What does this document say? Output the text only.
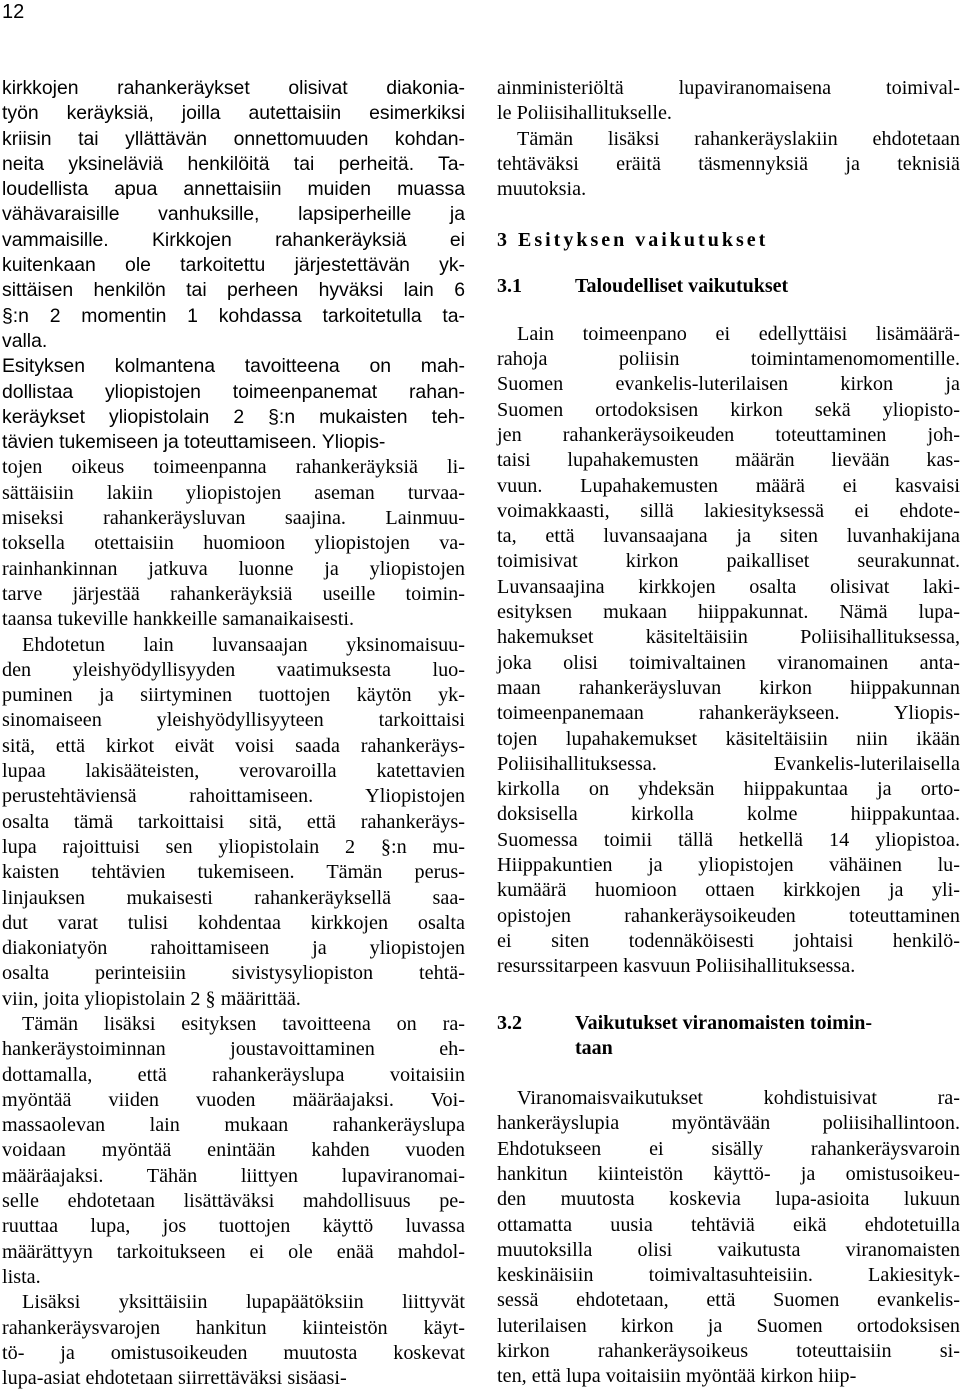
12
kirkkojen rahankeräykset olisivat diakonia-
työn keräyksiä, joilla autettaisiin esimerkiksi
kriisin tai yllättävän onnettomuuden kohdan-
neita yksineläviä henkilöitä tai perheitä. Ta-
loudellista apua annettaisiin muiden muassa
vähävaraisille vanhuksille, lapsiperheille ja
vammaisille. Kirkkojen rahankeräyksiä ei
kuitenkaan ole tarkoitettu järjestettävän yk-
sittäisen henkilön tai perheen hyväksi lain 6
§:n 2 momentin 1 kohdassa tarkoitetulla ta-
valla.
Esityksen kolmantena tavoitteena on mah-
dollistaa yliopistojen toimeenpanemat rahan-
keräykset yliopistolain 2 §:n mukaisten teh-
tävien tukemiseen ja toteuttamiseen. Yliopis-
tojen oikeus toimeenpanna rahankeräyksiä li-
sättäisiin lakiin yliopistojen aseman turvaa-
miseksi rahankeräysluvan saajina. Lainmuu-
toksella otettaisiin huomioon yliopistojen va-
rainhankinnan jatkuva luonne ja yliopistojen
tarve järjestää rahankeräyksiä useille toimin-
taansa tukeville hankkeille samanaikaisesti.
Ehdotetun lain luvansaajan yksinomaisuu-
den yleishyödyllisyyden vaatimuksesta luo-
puminen ja siirtyminen tuottojen käytön yk-
sinomaiseen yleishyödyllisyyteen tarkoittaisi
sitä, että kirkot eivät voisi saada rahankeräys-
lupaa lakisääteisten, verovaroilla katettavien
perustehtäviensä rahoittamiseen. Yliopistojen
osalta tämä tarkoittaisi sitä, että rahankeräys-
lupa rajoittuisi sen yliopistolain 2 §:n mu-
kaisten tehtävien tukemiseen. Tämän perus-
linjauksen mukaisesti rahankeräyksellä saa-
dut varat tulisi kohdentaa kirkkojen osalta
diakoniatyön rahoittamiseen ja yliopistojen
osalta perinteisiin sivistysyliopiston tehtä-
viin, joita yliopistolain 2 § määrittää.
Tämän lisäksi esityksen tavoitteena on ra-
hankeräystoiminnan joustavoittaminen eh-
dottamalla, että rahankeräyslupa voitaisiin
myöntää viiden vuoden määräajaksi. Voi-
massaolevan lain mukaan rahankeräyslupa
voidaan myöntää enintään kahden vuoden
määräajaksi. Tähän liittyen lupaviranomai-
selle ehdotetaan lisättäväksi mahdollisuus pe-
ruuttaa lupa, jos tuottojen käyttö luvassa
määrättyyn tarkoitukseen ei ole enää mahdol-
lista.
Lisäksi yksittäisiin lupapäätöksiin liittyvät
rahankeräysvarojen hankitun kiinteistön käyt-
tö- ja omistusoikeuden muutosta koskevat
lupa-asiat ehdotetaan siirrettäväksi sisäasi-
ainministeriöltä lupaviranomaisena toimival-
le Poliisihallitukselle.
Tämän lisäksi rahankeräyslakiin ehdotetaan
tehtäväksi eräitä täsmennyksiä ja teknisiä
muutoksia.
3 Esityksen vaikutukset
3.1	Taloudelliset vaikutukset
Lain toimeenpano ei edellyttäisi lisämäärä-
rahoja poliisin toimintamenomomentille.
Suomen evankelis-luterilaisen kirkon ja
Suomen ortodoksisen kirkon sekä yliopisto-
jen rahankeräysoikeuden toteuttaminen joh-
taisi lupahakemusten määrän lievään kas-
vuun. Lupahakemusten määrä ei kasvaisi
voimakkaasti, sillä lakiesityksessä ei ehdote-
ta, että luvansaajana ja siten luvanhakijana
toimisivat kirkon paikalliset seurakunnat.
Luvansaajina kirkkojen osalta olisivat laki-
esityksen mukaan hiippakunnat. Nämä lupa-
hakemukset käsiteltäisiin Poliisihallituksessa,
joka olisi toimivaltainen viranomainen anta-
maan rahankeräysluvan kirkon hiippakunnan
toimeenpanemaan rahankeräykseen. Yliopis-
tojen lupahakemukset käsiteltäisiin niin ikään
Poliisihallituksessa. Evankelis-luterilaisella
kirkolla on yhdeksän hiippakuntaa ja orto-
doksisella kirkolla kolme hiippakuntaa.
Suomessa toimii tällä hetkellä 14 yliopistoa.
Hiippakuntien ja yliopistojen vähäinen lu-
kumäärä huomioon ottaen kirkkojen ja yli-
opistojen rahankeräysoikeuden toteuttaminen
ei siten todennäköisesti johtaisi henkilö-
resurssitarpeen kasvuun Poliisihallituksessa.
3.2	Vaikutukset viranomaisten toimin-
taan
Viranomaisvaikutukset kohdistuisivat ra-
hankeräyslupia myöntävään poliisihallintoon.
Ehdotukseen ei sisälly rahankeräysvaroin
hankitun kiinteistön käyttö- ja omistusoikeu-
den muutosta koskevia lupa-asioita lukuun
ottamatta uusia tehtäviä eikä ehdotetuilla
muutoksilla olisi vaikutusta viranomaisten
keskinäisiin toimivaltasuhteisiin. Lakiesityk-
sessä ehdotetaan, että Suomen evankelis-
luterilaisen kirkon ja Suomen ortodoksisen
kirkon rahankeräysoikeus toteuttaisiin si-
ten, että lupa voitaisiin myöntää kirkon hiip-
